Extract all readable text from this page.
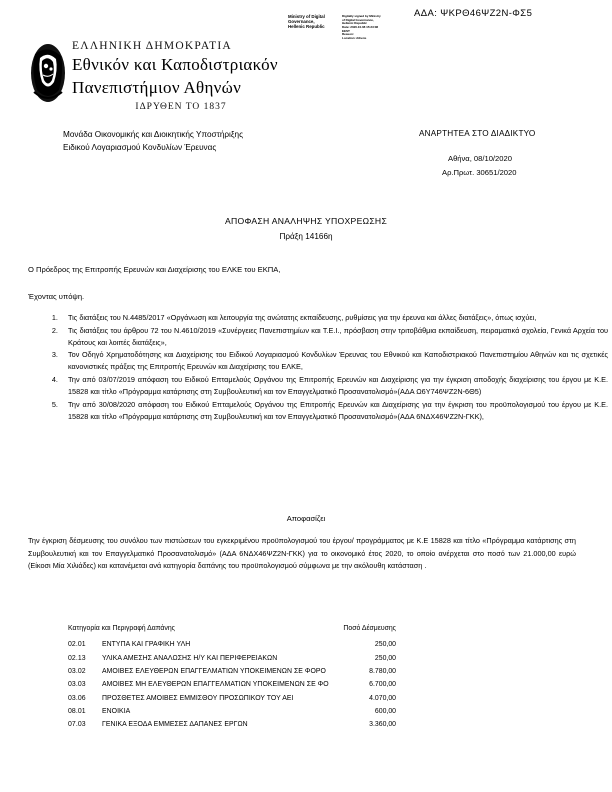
ΑΔΑ: ΨΚΡΘ46ΨΖ2Ν-ΦΣ5
Ministry of Digital
Governance,
Hellenic Republic
Digitally signed by Ministry
of Digital Governance,
Hellenic Republic
Date: 2020.10.08 15:23:08
EEST
Reason:
Location: Athens
ΕΛΛΗΝΙΚΗ ΔΗΜΟΚΡΑΤΙΑ
Εθνικόν και Καποδιστριακόν
Πανεπιστήμιον Αθηνών
ΙΔΡΥΘΕΝ ΤΟ 1837
Μονάδα Οικονομικής και Διοικητικής Υποστήριξης
Ειδικού Λογαριασμού Κονδυλίων Έρευνας
ΑΝΑΡΤΗΤΕΑ ΣΤΟ ΔΙΑΔΙΚΤΥΟ
Αθήνα, 08/10/2020
Αρ.Πρωτ. 30651/2020
ΑΠΟΦΑΣΗ ΑΝΑΛΗΨΗΣ ΥΠΟΧΡΕΩΣΗΣ
Πράξη 14166η
Ο Πρόεδρος της Επιτροπής Ερευνών και Διαχείρισης του ΕΛΚΕ του ΕΚΠΑ,
Έχοντας υπόψη.
1. Τις διατάξεις του Ν.4485/2017 «Οργάνωση και λειτουργία της ανώτατης εκπαίδευσης, ρυθμίσεις για την έρευνα και άλλες διατάξεις», όπως ισχύει,
2. Τις διατάξεις του άρθρου 72 του Ν.4610/2019 «Συνέργειες Πανεπιστημίων και Τ.Ε.Ι., πρόσβαση στην τριτοβάθμια εκπαίδευση, πειραματικά σχολεία, Γενικά Αρχεία του Κράτους και λοιπές διατάξεις»,
3. Τον Οδηγό Χρηματοδότησης και Διαχείρισης του Ειδικού Λογαριασμού Κονδυλίων Έρευνας του Εθνικού και Καποδιστριακού Πανεπιστημίου Αθηνών και τις σχετικές κανονιστικές πράξεις της Επιτροπής Ερευνών και Διαχείρισης του ΕΛΚΕ,
4. Την από 03/07/2019 απόφαση του Ειδικού Επταμελούς Οργάνου της Επιτροπής Ερευνών και Διαχείρισης για την έγκριση αποδοχής διαχείρισης του έργου με Κ.Ε. 15828 και τίτλο «Πρόγραμμα κατάρτισης στη Συμβουλευτική και τον Επαγγελματικό Προσανατολισμό»(ΑΔΑ Ω6Υ746ΨΖ2Ν-6Θ5)
5. Την από 30/08/2020 απόφαση του Ειδικού Επταμελούς Οργάνου της Επιτροπής Ερευνών και Διαχείρισης για την έγκριση του προϋπολογισμού του έργου με Κ.Ε. 15828 και τίτλο «Πρόγραμμα κατάρτισης στη Συμβουλευτική και τον Επαγγελματικό Προσανατολισμό»(ΑΔΑ 6ΝΔΧ46ΨΖ2Ν-ΓΚΚ),
Αποφασίζει
Την έγκριση δέσμευσης του συνόλου των πιστώσεων του εγκεκριμένου προϋπολογισμού του έργου/ προγράμματος με Κ.Ε 15828 και τίτλο «Πρόγραμμα κατάρτισης στη Συμβουλευτική και τον Επαγγελματικό Προσανατολισμό» (ΑΔΑ 6ΝΔΧ46ΨΖ2Ν-ΓΚΚ) για το οικονομικό έτος 2020, το οποίο ανέρχεται στο ποσό των 21.000,00 ευρώ (Είκοσι Μία Χιλιάδες) και κατανέμεται ανά κατηγορία δαπάνης του προϋπολογισμού σύμφωνα με την ακόλουθη κατάσταση .
Κατηγορία και Περιγραφή Δαπάνης		Ποσό Δέσμευσης
02.01	ΕΝΤΥΠΑ ΚΑΙ ΓΡΑΦΙΚΗ ΥΛΗ	250,00
02.13	ΥΛΙΚΑ ΑΜΕΣΗΣ ΑΝΑΛΩΣΗΣ Η/Υ ΚΑΙ ΠΕΡΙΦΕΡΕΙΑΚΩΝ	250,00
03.02	ΑΜΟΙΒΕΣ ΕΛΕΥΘΕΡΩΝ ΕΠΑΓΓΕΛΜΑΤΙΩΝ ΥΠΟΚΕΙΜΕΝΩΝ ΣΕ ΦΟΡΟ	8.780,00
03.03	ΑΜΟΙΒΕΣ ΜΗ ΕΛΕΥΘΕΡΩΝ ΕΠΑΓΓΕΛΜΑΤΙΩΝ ΥΠΟΚΕΙΜΕΝΩΝ ΣΕ ΦΟ	6.700,00
03.06	ΠΡΟΣΘΕΤΕΣ ΑΜΟΙΒΕΣ ΕΜΜΙΣΘΟΥ ΠΡΟΣΩΠΙΚΟΥ ΤΟΥ ΑΕΙ	4.070,00
08.01	ΕΝΟΙΚΙΑ	600,00
07.03	ΓΕΝΙΚΑ ΕΞΟΔΑ ΕΜΜΕΣΕΣ ΔΑΠΑΝΕΣ ΕΡΓΩΝ	3.360,00
